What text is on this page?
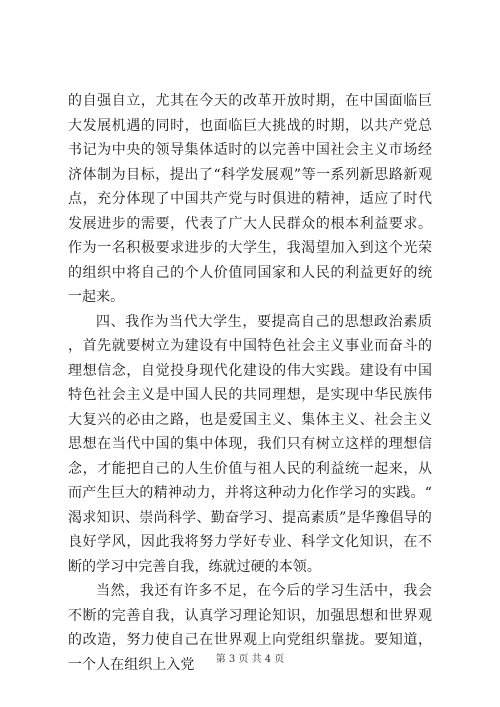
的自强自立，尤其在今天的改革开放时期，在中国面临巨大发展机遇的同时，也面临巨大挑战的时期，以共产党总书记为中央的领导集体适时的以完善中国社会主义市场经济体制为目标，提出了“科学发展观”等一系列新思路新观点，充分体现了中国共产党与时俱进的精神，适应了时代发展进步的需要，代表了广大人民群众的根本利益要求。作为一名积极要求进步的大学生，我渴望加入到这个光荣的组织中将自己的个人价值同国家和人民的利益更好的统一起来。

四、我作为当代大学生，要提高自己的思想政治素质，首先就要树立为建设有中国特色社会主义事业而奋斗的理想信念，自觉投身现代化建设的伟大实践。建设有中国特色社会主义是中国人民的共同理想，是实现中华民族伟大复兴的必由之路，也是爱国主义、集体主义、社会主义思想在当代中国的集中体现，我们只有树立这样的理想信念，才能把自己的人生价值与祖人民的利益统一起来，从而产生巨大的精神动力，并将这种动力化作学习的实践。“渴求知识、崇尚科学、勤奋学习、提高素质”是华豫倡导的良好学风，因此我将努力学好专业、科学文化知识，在不断的学习中完善自我，练就过硬的本领。

当然，我还有许多不足，在今后的学习生活中，我会不断的完善自我，认真学习理论知识，加强思想和世界观的改造，努力使自己在世界观上向党组织靠拢。要知道，一个人在组织上入党	第 3 页 共 4 页
